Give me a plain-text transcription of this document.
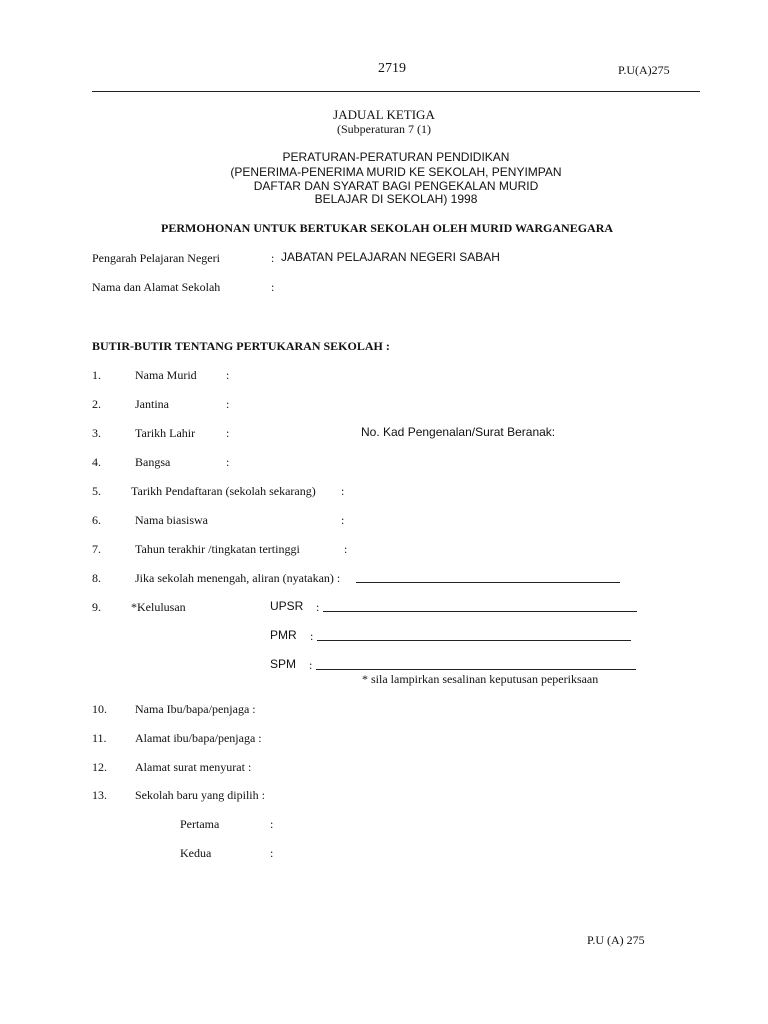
2719	P.U(A)275
JADUAL KETIGA
(Subperaturan 7 (1)
PERATURAN-PERATURAN PENDIDIKAN
(PENERIMA-PENERIMA MURID KE SEKOLAH, PENYIMPAN
DAFTAR DAN SYARAT BAGI PENGEKALAN MURID
BELAJAR DI SEKOLAH) 1998
PERMOHONAN UNTUK BERTUKAR SEKOLAH OLEH MURID WARGANEGARA
Pengarah Pelajaran Negeri	: JABATAN PELAJARAN NEGERI SABAH
Nama dan Alamat Sekolah	:
BUTIR-BUTIR TENTANG PERTUKARAN SEKOLAH :
1.	Nama Murid :
2.	Jantina	:
3.	Tarikh Lahir	:	No. Kad Pengenalan/Surat Beranak:
4.	Bangsa	:
5.	Tarikh Pendaftaran (sekolah sekarang) :
6.	Nama biasiswa	:
7.	Tahun terakhir /tingkatan tertinggi	:
8.	Jika sekolah menengah, aliran (nyatakan) :
9.	*Kelulusan	UPSR :
PMR :
SPM :
* sila lampirkan sesalinan keputusan peperiksaan
10. Nama Ibu/bapa/penjaga :
11. Alamat ibu/bapa/penjaga :
12. Alamat surat menyurat :
13. Sekolah baru yang dipilih :
Pertama	:
Kedua	:
P.U (A) 275
